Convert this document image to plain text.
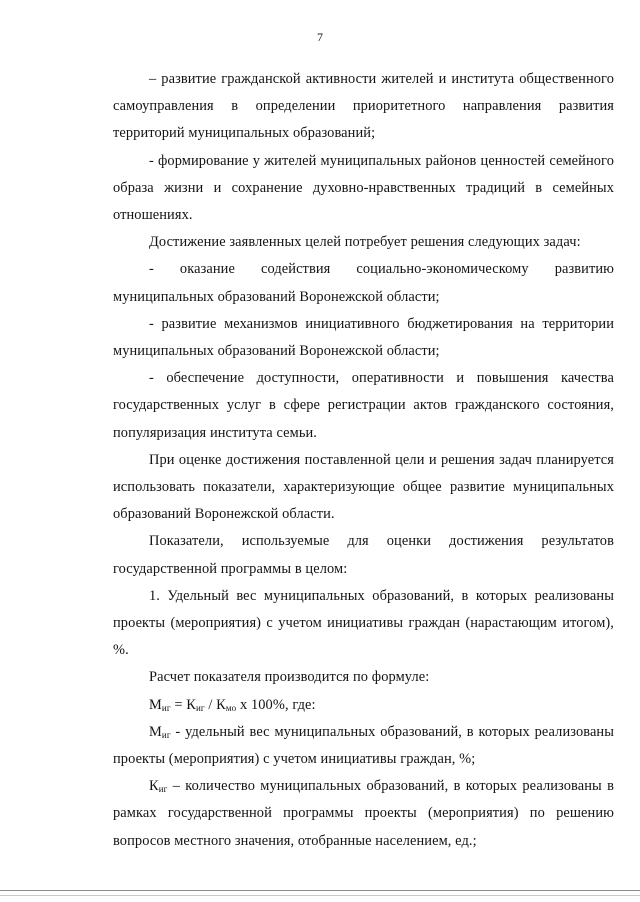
7

– развитие гражданской активности жителей и института общественного самоуправления в определении приоритетного направления развития территорий муниципальных образований;

- формирование у жителей муниципальных районов ценностей семейного образа жизни и сохранение духовно-нравственных традиций в семейных отношениях.

Достижение заявленных целей потребует решения следующих задач:

- оказание содействия социально-экономическому развитию муниципальных образований Воронежской области;

- развитие механизмов инициативного бюджетирования на территории муниципальных образований Воронежской области;

- обеспечение доступности, оперативности и повышения качества государственных услуг в сфере регистрации актов гражданского состояния, популяризация института семьи.

При оценке достижения поставленной цели и решения задач планируется использовать показатели, характеризующие общее развитие муниципальных образований Воронежской области.

Показатели, используемые для оценки достижения результатов государственной программы в целом:

1. Удельный вес муниципальных образований, в которых реализованы проекты (мероприятия) с учетом инициативы граждан (нарастающим итогом), %.

Расчет показателя производится по формуле:

$М_{иг} = К_{иг} / К_{мо}$ х 100%, где:

$М_{иг}$ - удельный вес муниципальных образований, в которых реализованы проекты (мероприятия) с учетом инициативы граждан, %;

$К_{иг}$ – количество муниципальных образований, в которых реализованы в рамках государственной программы проекты (мероприятия) по решению вопросов местного значения, отобранные населением, ед.;
